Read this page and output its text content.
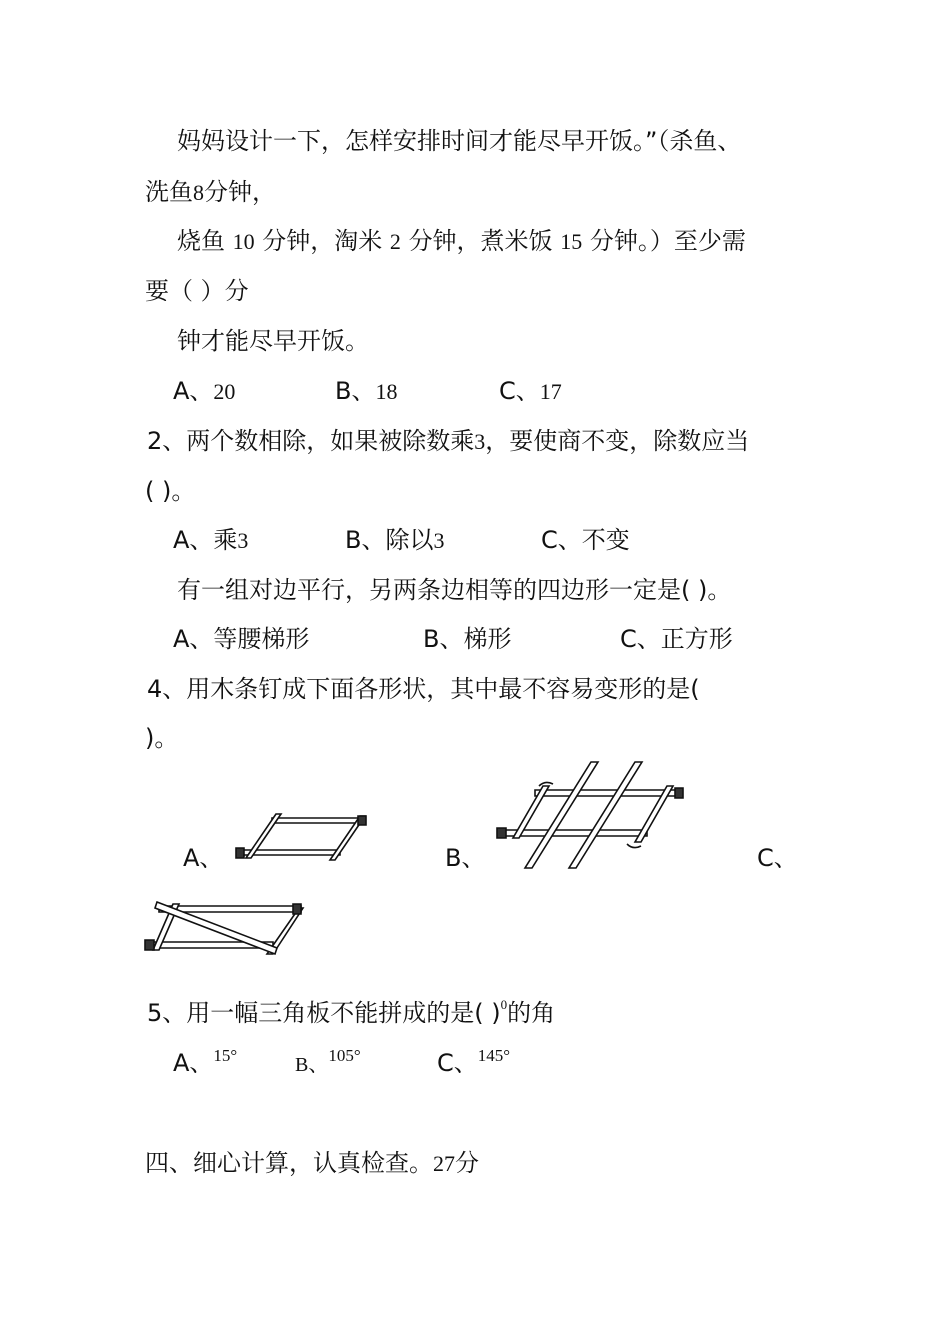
妈妈设计一下，怎样安排时间才能尽早开饭。”（杀鱼、
洗鱼8分钟，
烧鱼 10 分钟，淘米 2 分钟，煮米饭 15 分钟。）至少需
要（ ）分
钟才能尽早开饭。
A、20	B、18	C、17
2、两个数相除，如果被除数乘3，要使商不变，除数应当
( )。
A、乘3	B、除以3	C、不变
有一组对边平行，另两条边相等的四边形一定是( )。
A、等腰梯形	B、梯形	C、正方形
4、用木条钉成下面各形状，其中最不容易变形的是(
)。
A、	B、	C、
5、用一幅三角板不能拼成的是( )$^0$的角
A、$^{15^\circ}$	B、$^{105^\circ}$	C、$^{145^\circ}$
四、细心计算，认真检查。27分
